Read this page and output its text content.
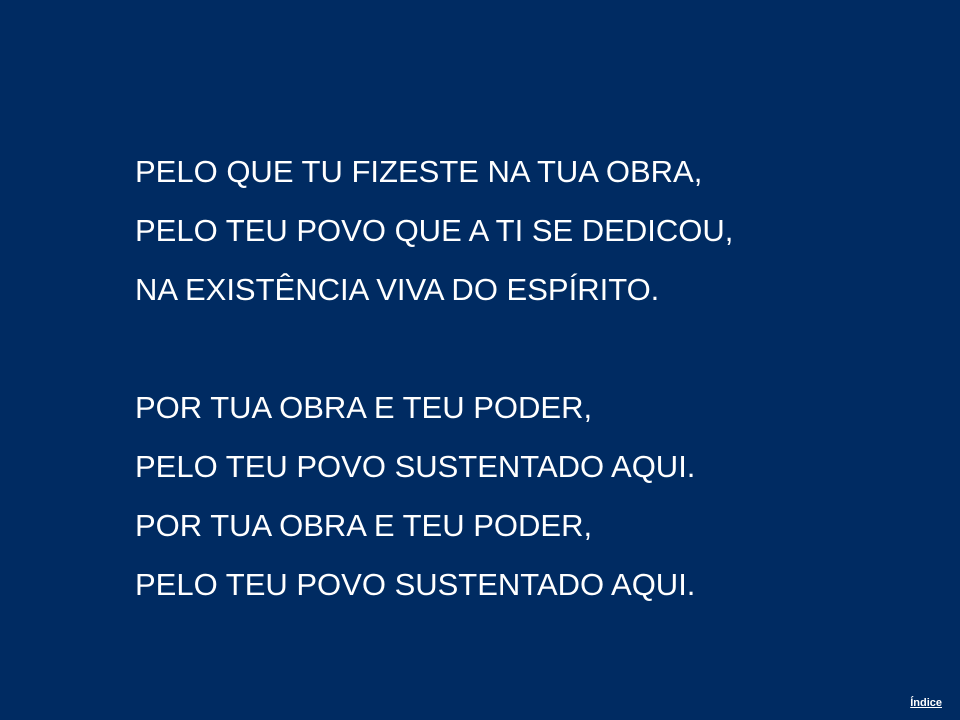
PELO QUE TU FIZESTE NA TUA OBRA,
PELO TEU POVO QUE A TI SE DEDICOU,
NA EXISTÊNCIA VIVA DO ESPÍRITO.
POR TUA OBRA E TEU PODER,
PELO TEU POVO SUSTENTADO AQUI.
POR TUA OBRA E TEU PODER,
PELO TEU POVO SUSTENTADO AQUI.
Índice
